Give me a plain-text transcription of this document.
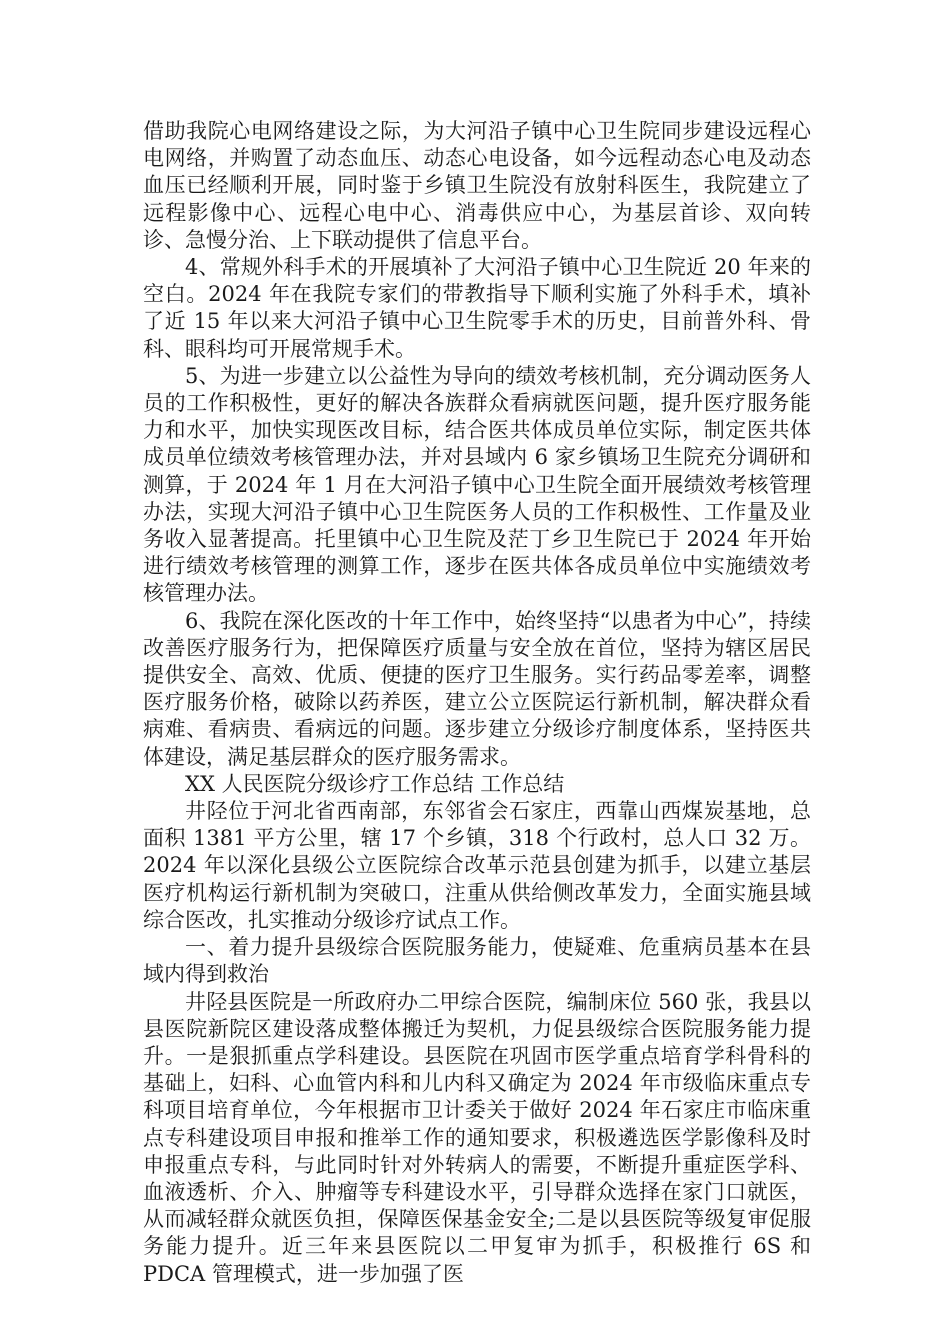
借助我院心电网络建设之际，为大河沿子镇中心卫生院同步建设远程心电网络，并购置了动态血压、动态心电设备，如今远程动态心电及动态血压已经顺利开展，同时鉴于乡镇卫生院没有放射科医生，我院建立了远程影像中心、远程心电中心、消毒供应中心，为基层首诊、双向转诊、急慢分治、上下联动提供了信息平台。

4、常规外科手术的开展填补了大河沿子镇中心卫生院近 20 年来的空白。2024 年在我院专家们的带教指导下顺利实施了外科手术，填补了近 15 年以来大河沿子镇中心卫生院零手术的历史，目前普外科、骨科、眼科均可开展常规手术。

5、为进一步建立以公益性为导向的绩效考核机制，充分调动医务人员的工作积极性，更好的解决各族群众看病就医问题，提升医疗服务能力和水平，加快实现医改目标，结合医共体成员单位实际，制定医共体成员单位绩效考核管理办法，并对县域内 6 家乡镇场卫生院充分调研和测算，于 2024 年 1 月在大河沿子镇中心卫生院全面开展绩效考核管理办法，实现大河沿子镇中心卫生院医务人员的工作积极性、工作量及业务收入显著提高。托里镇中心卫生院及茫丁乡卫生院已于 2024 年开始进行绩效考核管理的测算工作，逐步在医共体各成员单位中实施绩效考核管理办法。

6、我院在深化医改的十年工作中，始终坚持“以患者为中心”，持续改善医疗服务行为，把保障医疗质量与安全放在首位，坚持为辖区居民提供安全、高效、优质、便捷的医疗卫生服务。实行药品零差率，调整医疗服务价格，破除以药养医，建立公立医院运行新机制，解决群众看病难、看病贵、看病远的问题。逐步建立分级诊疗制度体系，坚持医共体建设，满足基层群众的医疗服务需求。

XX 人民医院分级诊疗工作总结 工作总结

井陉位于河北省西南部，东邻省会石家庄，西靠山西煤炭基地，总面积 1381 平方公里，辖 17 个乡镇，318 个行政村，总人口 32 万。2024 年以深化县级公立医院综合改革示范县创建为抓手，以建立基层医疗机构运行新机制为突破口，注重从供给侧改革发力，全面实施县域综合医改，扎实推动分级诊疗试点工作。

一、着力提升县级综合医院服务能力，使疑难、危重病员基本在县域内得到救治

井陉县医院是一所政府办二甲综合医院，编制床位 560 张，我县以县医院新院区建设落成整体搬迁为契机，力促县级综合医院服务能力提升。一是狠抓重点学科建设。县医院在巩固市医学重点培育学科骨科的基础上，妇科、心血管内科和儿内科又确定为 2024 年市级临床重点专科项目培育单位，今年根据市卫计委关于做好 2024 年石家庄市临床重点专科建设项目申报和推举工作的通知要求，积极遴选医学影像科及时申报重点专科，与此同时针对外转病人的需要，不断提升重症医学科、血液透析、介入、肿瘤等专科建设水平，引导群众选择在家门口就医，从而减轻群众就医负担，保障医保基金安全;二是以县医院等级复审促服务能力提升。近三年来县医院以二甲复审为抓手，积极推行 6S 和 PDCA 管理模式，进一步加强了医
